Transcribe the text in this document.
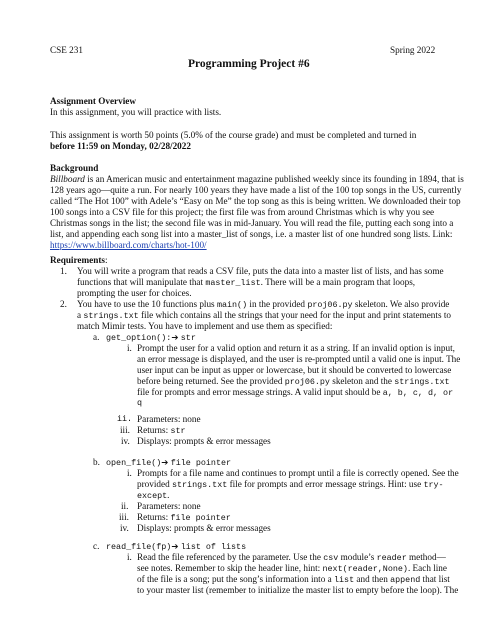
CSE 231	Spring 2022
Programming Project #6
Assignment Overview
In this assignment, you will practice with lists.
This assignment is worth 50 points (5.0% of the course grade) and must be completed and turned in
before 11:59 on Monday, 02/28/2022
Background
Billboard is an American music and entertainment magazine published weekly since its founding in 1894, that is
128 years ago—quite a run. For nearly 100 years they have made a list of the 100 top songs in the US, currently
called “The Hot 100” with Adele’s “Easy on Me” the top song as this is being written. We downloaded their top
100 songs into a CSV file for this project; the first file was from around Christmas which is why you see
Christmas songs in the list; the second file was in mid-January. You will read the file, putting each song into a
list, and appending each song list into a master_list of songs, i.e. a master list of one hundred song lists. Link:
https://www.billboard.com/charts/hot-100/
Requirements:
1. You will write a program that reads a CSV file, puts the data into a master list of lists, and has some
functions that will manipulate that master_list. There will be a main program that loops,
prompting the user for choices.
2. You have to use the 10 functions plus main() in the provided proj06.py skeleton. We also provide
a strings.txt file which contains all the strings that your need for the input and print statements to
match Mimir tests. You have to implement and use them as specified:
a. get_option():➔ str
i. Prompt the user for a valid option and return it as a string. If an invalid option is input,
an error message is displayed, and the user is re-prompted until a valid one is input. The
user input can be input as upper or lowercase, but it should be converted to lowercase
before being returned. See the provided proj06.py skeleton and the strings.txt
file for prompts and error message strings. A valid input should be a, b, c, d, or
q
ii. Parameters: none
iii. Returns: str
iv. Displays: prompts & error messages
b. open_file()➔ file pointer
i. Prompts for a file name and continues to prompt until a file is correctly opened. See the
provided strings.txt file for prompts and error message strings. Hint: use try-
except.
ii. Parameters: none
iii. Returns: file pointer
iv. Displays: prompts & error messages
c. read_file(fp)➔ list of lists
i. Read the file referenced by the parameter. Use the csv module’s reader method—
see notes. Remember to skip the header line, hint: next(reader,None). Each line
of the file is a song; put the song’s information into a list and then append that list
to your master list (remember to initialize the master list to empty before the loop). The
